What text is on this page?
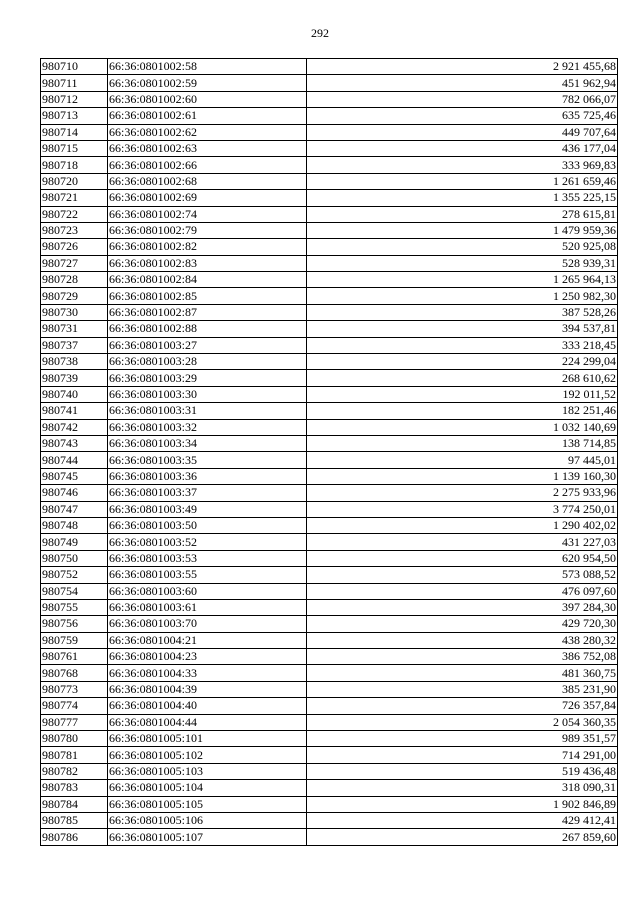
292
980710	66:36:0801002:58	2 921 455,68
980711	66:36:0801002:59	451 962,94
980712	66:36:0801002:60	782 066,07
980713	66:36:0801002:61	635 725,46
980714	66:36:0801002:62	449 707,64
980715	66:36:0801002:63	436 177,04
980718	66:36:0801002:66	333 969,83
980720	66:36:0801002:68	1 261 659,46
980721	66:36:0801002:69	1 355 225,15
980722	66:36:0801002:74	278 615,81
980723	66:36:0801002:79	1 479 959,36
980726	66:36:0801002:82	520 925,08
980727	66:36:0801002:83	528 939,31
980728	66:36:0801002:84	1 265 964,13
980729	66:36:0801002:85	1 250 982,30
980730	66:36:0801002:87	387 528,26
980731	66:36:0801002:88	394 537,81
980737	66:36:0801003:27	333 218,45
980738	66:36:0801003:28	224 299,04
980739	66:36:0801003:29	268 610,62
980740	66:36:0801003:30	192 011,52
980741	66:36:0801003:31	182 251,46
980742	66:36:0801003:32	1 032 140,69
980743	66:36:0801003:34	138 714,85
980744	66:36:0801003:35	97 445,01
980745	66:36:0801003:36	1 139 160,30
980746	66:36:0801003:37	2 275 933,96
980747	66:36:0801003:49	3 774 250,01
980748	66:36:0801003:50	1 290 402,02
980749	66:36:0801003:52	431 227,03
980750	66:36:0801003:53	620 954,50
980752	66:36:0801003:55	573 088,52
980754	66:36:0801003:60	476 097,60
980755	66:36:0801003:61	397 284,30
980756	66:36:0801003:70	429 720,30
980759	66:36:0801004:21	438 280,32
980761	66:36:0801004:23	386 752,08
980768	66:36:0801004:33	481 360,75
980773	66:36:0801004:39	385 231,90
980774	66:36:0801004:40	726 357,84
980777	66:36:0801004:44	2 054 360,35
980780	66:36:0801005:101	989 351,57
980781	66:36:0801005:102	714 291,00
980782	66:36:0801005:103	519 436,48
980783	66:36:0801005:104	318 090,31
980784	66:36:0801005:105	1 902 846,89
980785	66:36:0801005:106	429 412,41
980786	66:36:0801005:107	267 859,60
